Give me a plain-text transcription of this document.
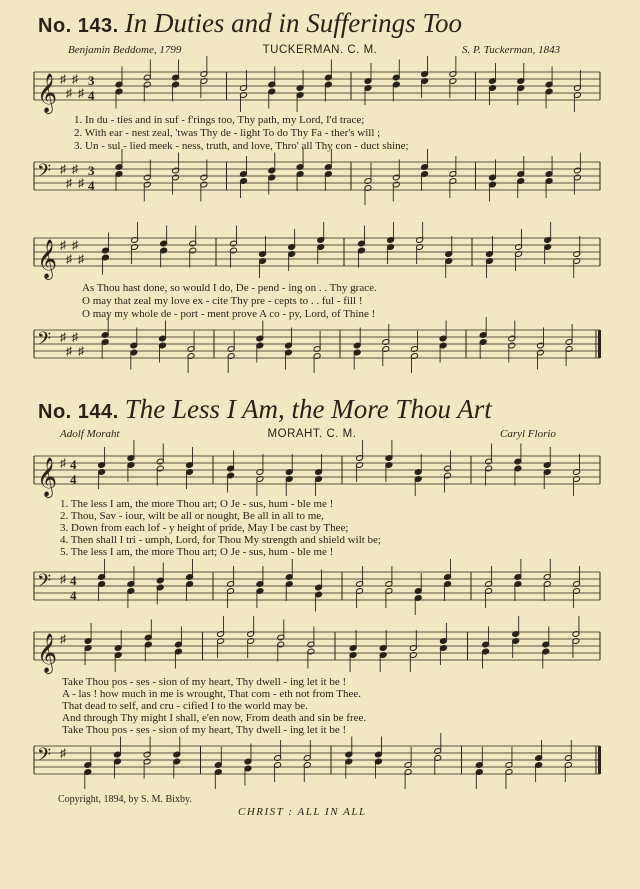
No. 143. In Duties and in Sufferings Too
Benjamin Beddome, 1799	TUCKERMAN. C. M.	S. P. Tuckerman, 1843
𝄞 ♯
♯
♯
♯
3
4
1. In du - ties and in suf - f'rings too, Thy path, my Lord, I'd trace;
2. With ear - nest zeal, 'twas Thy de - light To do Thy Fa - ther's will ;
3. Un - sul - lied meek - ness, truth, and love, Thro' all Thy con - duct shine;
𝄢 ♯
♯
♯
♯
3
4
𝄞 ♯
♯
♯
♯
As Thou hast done, so would I do, De - pend - ing on . . Thy grace.
O may that zeal my love ex - cite Thy pre - cepts to . . ful - fill !
O may my whole de - port - ment prove A co - py, Lord, of Thine !
𝄢 ♯
♯
♯
♯
No. 144. The Less I Am, the More Thou Art
Adolf Moraht	MORAHT. C. M.	Caryl Florio
𝄞 ♯ 4
4
1. The less I am, the more Thou art; O Je - sus, hum - ble me !
2. Thou, Sav - iour, wilt be all or nought, Be all in all to me,
3. Down from each lof - y height of pride, May I be cast by Thee;
4. Then shall I tri - umph, Lord, for Thou My strength and shield wilt be;
5. The less I am, the more Thou art; O Je - sus, hum - ble me !
𝄢 ♯ 4
4
𝄞 ♯
Take Thou pos - ses - sion of my heart, Thy dwell - ing let it be !
A - las ! how much in me is wrought, That com - eth not from Thee.
That dead to self, and cru - cified I to the world may be.
And through Thy might I shall, e'en now, From death and sin be free.
Take Thou pos - ses - sion of my heart, Thy dwell - ing let it be !
𝄢 ♯
Copyright, 1894, by S. M. Bixby.
CHRIST : ALL IN ALL
